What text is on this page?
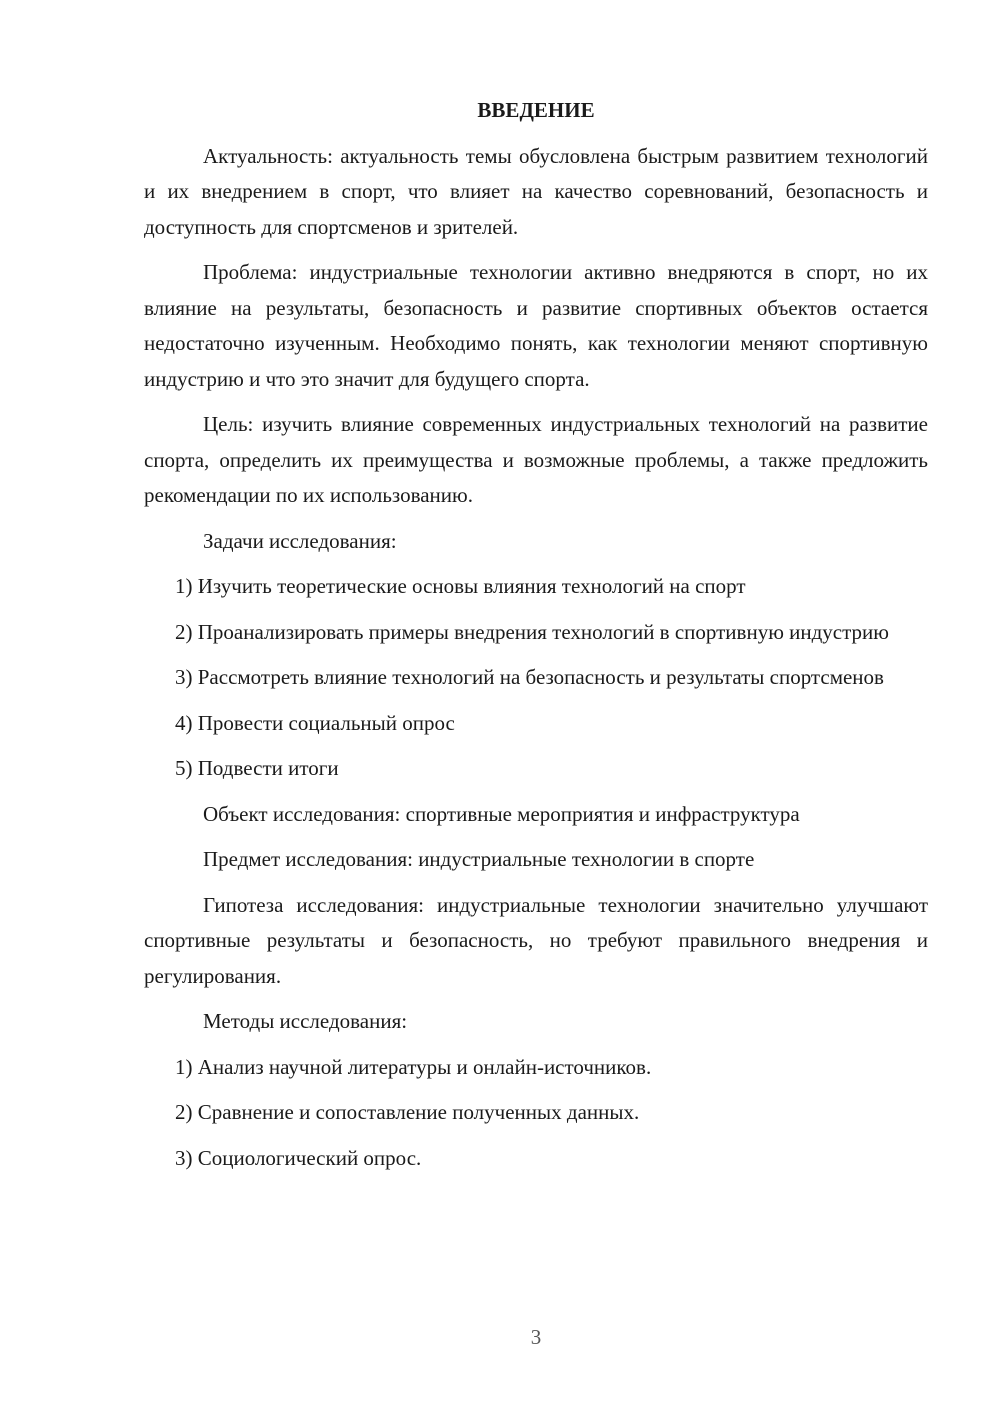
ВВЕДЕНИЕ

Актуальность: актуальность темы обусловлена быстрым развитием технологий и их внедрением в спорт, что влияет на качество соревнований, безопасность и доступность для спортсменов и зрителей.

Проблема: индустриальные технологии активно внедряются в спорт, но их влияние на результаты, безопасность и развитие спортивных объектов остается недостаточно изученным. Необходимо понять, как технологии меняют спортивную индустрию и что это значит для будущего спорта.

Цель: изучить влияние современных индустриальных технологий на развитие спорта, определить их преимущества и возможные проблемы, а также предложить рекомендации по их использованию.

Задачи исследования:

1) Изучить теоретические основы влияния технологий на спорт

2) Проанализировать примеры внедрения технологий в спортивную индустрию

3) Рассмотреть влияние технологий на безопасность и результаты спортсменов

4) Провести социальный опрос

5) Подвести итоги

Объект исследования: спортивные мероприятия и инфраструктура

Предмет исследования: индустриальные технологии в спорте

Гипотеза исследования: индустриальные технологии значительно улучшают спортивные результаты и безопасность, но требуют правильного внедрения и регулирования.

Методы исследования:

1) Анализ научной литературы и онлайн-источников.

2) Сравнение и сопоставление полученных данных.

3) Социологический опрос.

3
